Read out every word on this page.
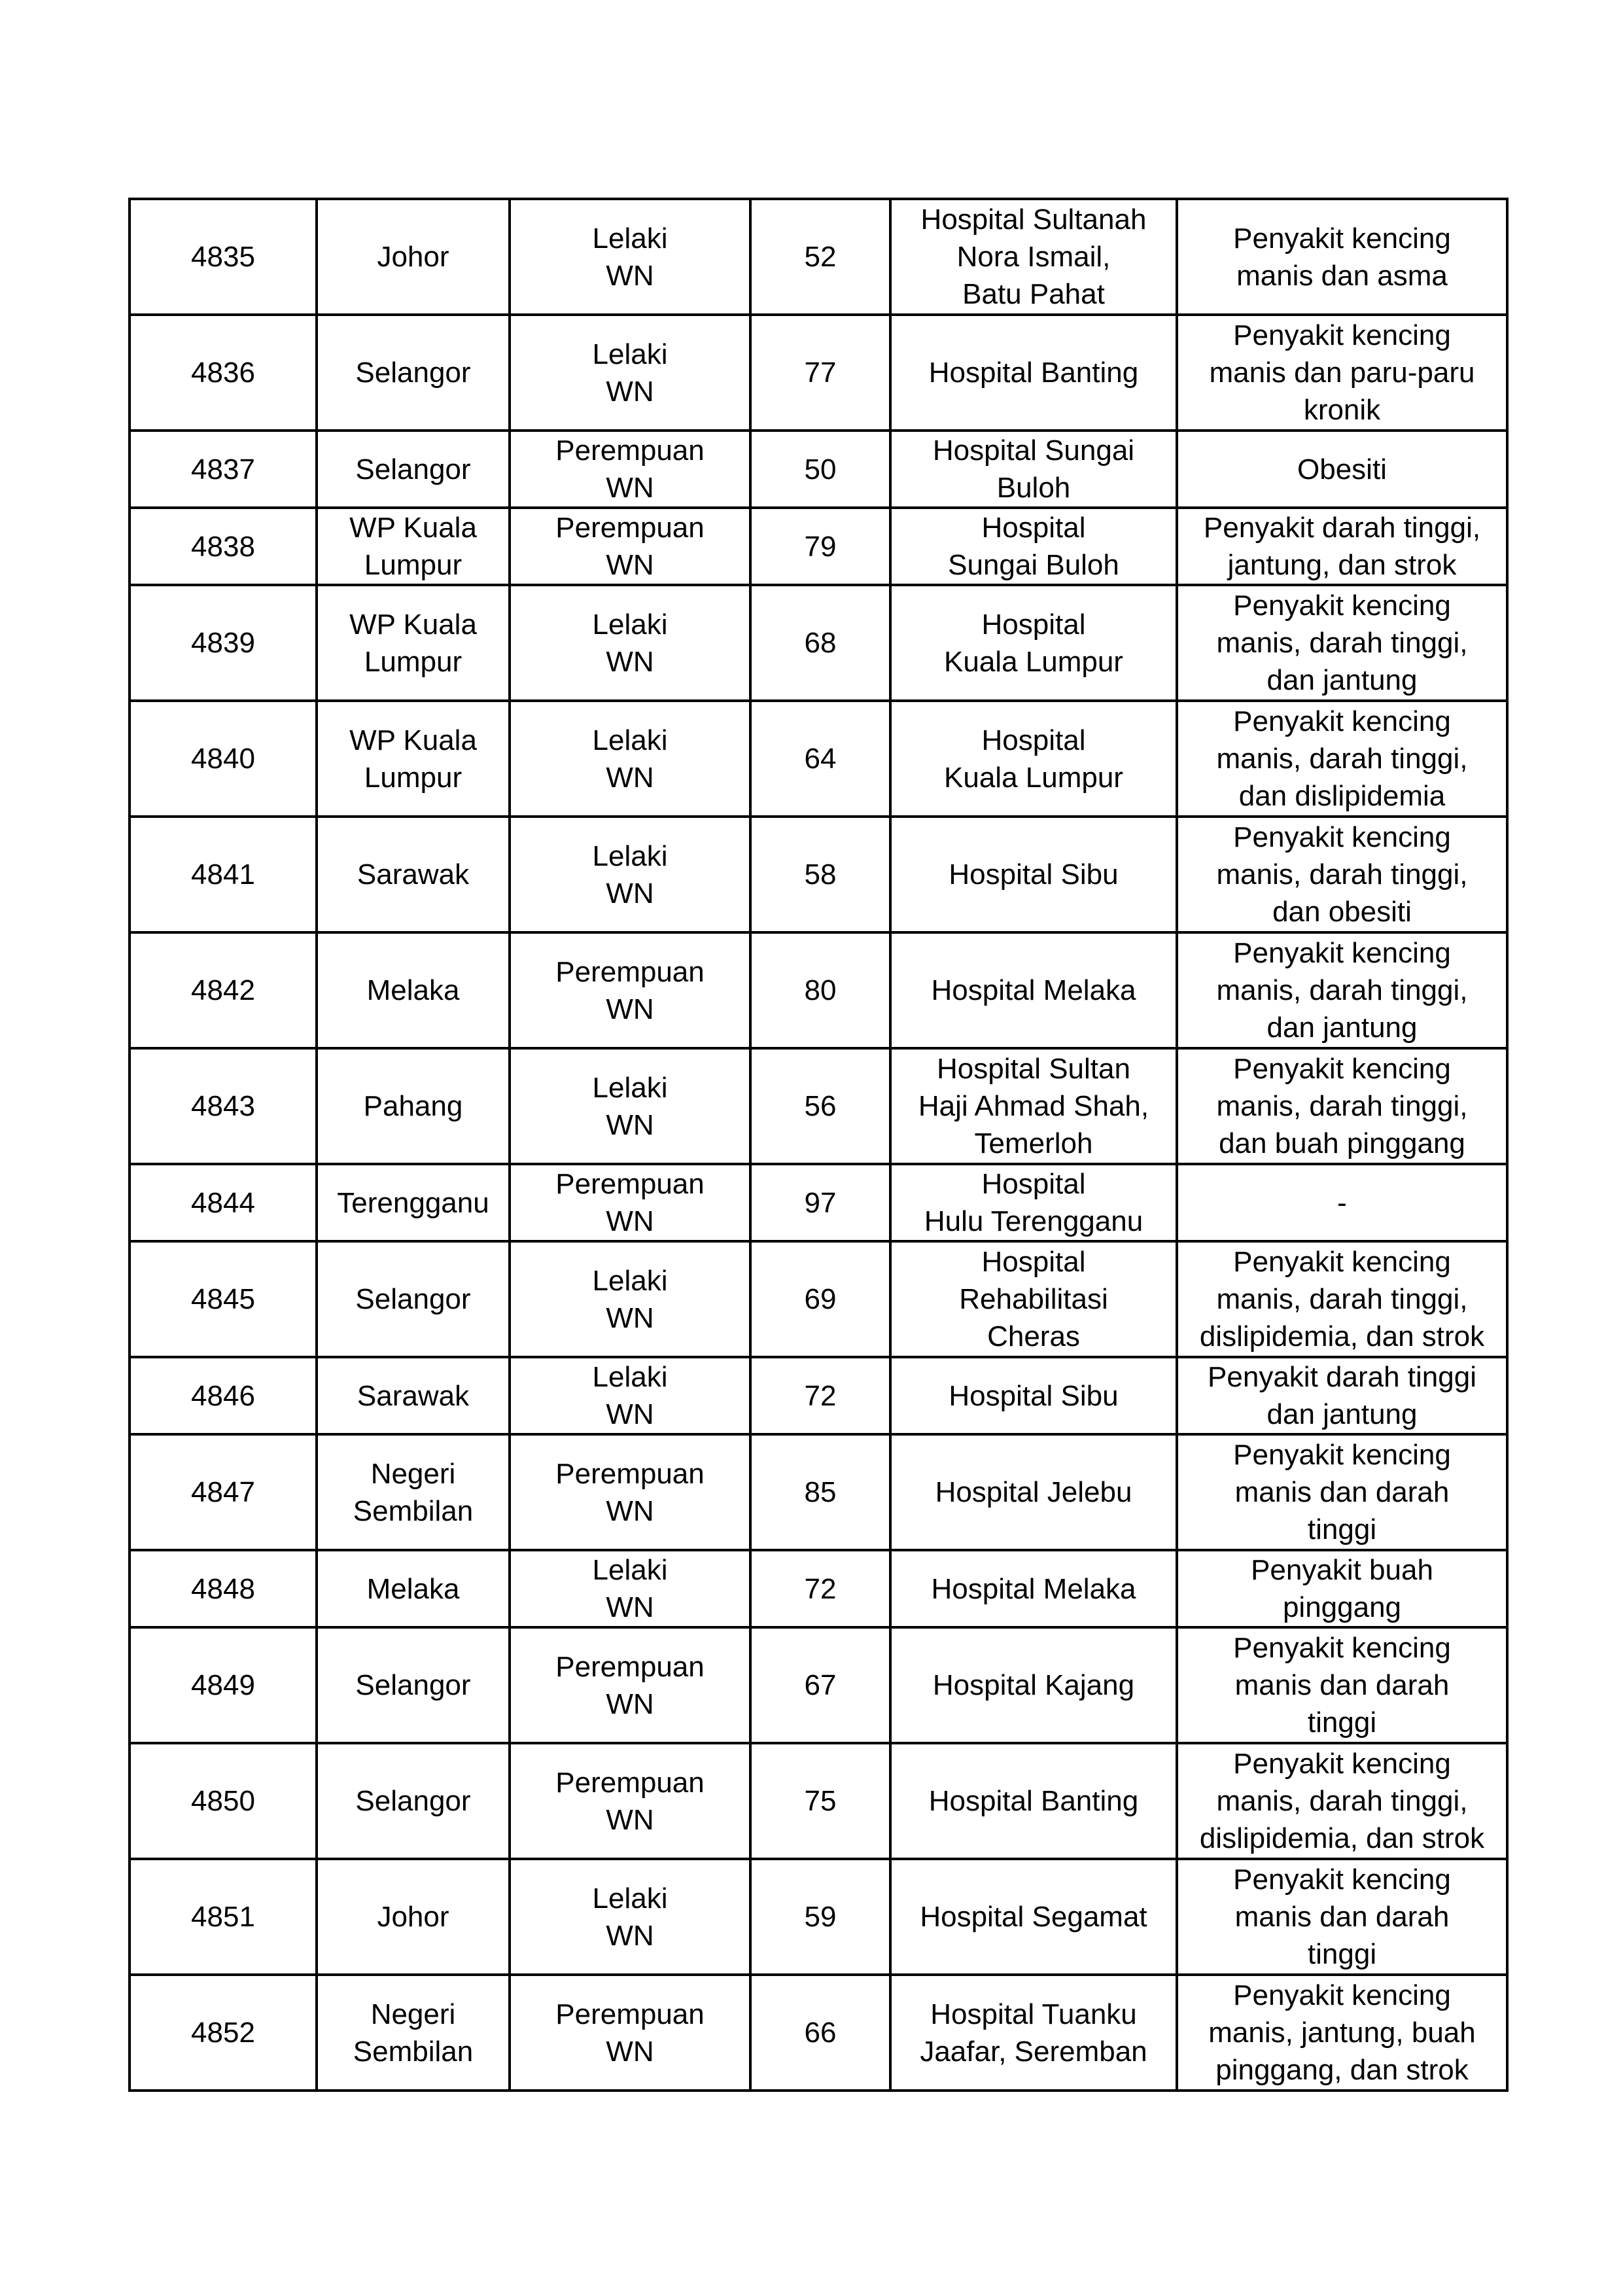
4835	Johor	Lelaki
WN	52	Hospital Sultanah
Nora Ismail,
Batu Pahat	Penyakit kencing
manis dan asma

4836	Selangor	Lelaki
WN	77	Hospital Banting	Penyakit kencing
manis dan paru-paru
kronik

4837	Selangor	Perempuan
WN	50	Hospital Sungai
Buloh	Obesiti

4838	WP Kuala
Lumpur	Perempuan
WN	79	Hospital
Sungai Buloh	Penyakit darah tinggi,
jantung, dan strok

4839	WP Kuala
Lumpur	Lelaki
WN	68	Hospital
Kuala Lumpur	Penyakit kencing
manis, darah tinggi,
dan jantung

4840	WP Kuala
Lumpur	Lelaki
WN	64	Hospital
Kuala Lumpur	Penyakit kencing
manis, darah tinggi,
dan dislipidemia

4841	Sarawak	Lelaki
WN	58	Hospital Sibu	Penyakit kencing
manis, darah tinggi,
dan obesiti

4842	Melaka	Perempuan
WN	80	Hospital Melaka	Penyakit kencing
manis, darah tinggi,
dan jantung

4843	Pahang	Lelaki
WN	56	Hospital Sultan
Haji Ahmad Shah,
Temerloh	Penyakit kencing
manis, darah tinggi,
dan buah pinggang

4844	Terengganu	Perempuan
WN	97	Hospital
Hulu Terengganu	-

4845	Selangor	Lelaki
WN	69	Hospital
Rehabilitasi
Cheras	Penyakit kencing
manis, darah tinggi,
dislipidemia, dan strok

4846	Sarawak	Lelaki
WN	72	Hospital Sibu	Penyakit darah tinggi
dan jantung

4847	Negeri
Sembilan	Perempuan
WN	85	Hospital Jelebu	Penyakit kencing
manis dan darah
tinggi

4848	Melaka	Lelaki
WN	72	Hospital Melaka	Penyakit buah
pinggang

4849	Selangor	Perempuan
WN	67	Hospital Kajang	Penyakit kencing
manis dan darah
tinggi

4850	Selangor	Perempuan
WN	75	Hospital Banting	Penyakit kencing
manis, darah tinggi,
dislipidemia, dan strok

4851	Johor	Lelaki
WN	59	Hospital Segamat	Penyakit kencing
manis dan darah
tinggi

4852	Negeri
Sembilan	Perempuan
WN	66	Hospital Tuanku
Jaafar, Seremban	Penyakit kencing
manis, jantung, buah
pinggang, dan strok
